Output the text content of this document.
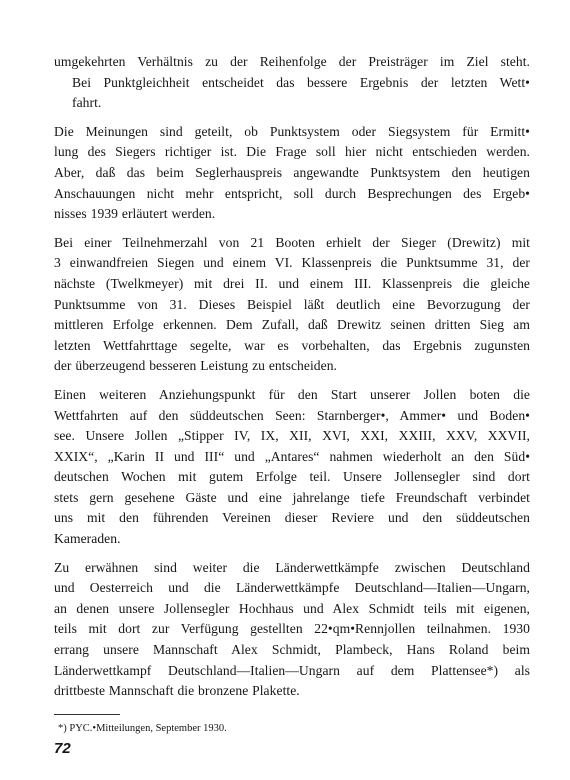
umgekehrten Verhältnis zu der Reihenfolge der Preisträger im Ziel steht.
Bei Punktgleichheit entscheidet das bessere Ergebnis der letzten Wett•
fahrt.

Die Meinungen sind geteilt, ob Punktsystem oder Siegsystem für Ermitt•
lung des Siegers richtiger ist. Die Frage soll hier nicht entschieden werden.
Aber, daß das beim Seglerhauspreis angewandte Punktsystem den heutigen
Anschauungen nicht mehr entspricht, soll durch Besprechungen des Ergeb•
nisses 1939 erläutert werden.

Bei einer Teilnehmerzahl von 21 Booten erhielt der Sieger (Drewitz) mit
3 einwandfreien Siegen und einem VI. Klassenpreis die Punktsumme 31, der
nächste (Twelkmeyer) mit drei II. und einem III. Klassenpreis die gleiche
Punktsumme von 31. Dieses Beispiel läßt deutlich eine Bevorzugung der
mittleren Erfolge erkennen. Dem Zufall, daß Drewitz seinen dritten Sieg am
letzten Wettfahrttage segelte, war es vorbehalten, das Ergebnis zugunsten
der überzeugend besseren Leistung zu entscheiden.

Einen weiteren Anziehungspunkt für den Start unserer Jollen boten die
Wettfahrten auf den süddeutschen Seen: Starnberger•, Ammer• und Boden•
see. Unsere Jollen „Stipper IV, IX, XII, XVI, XXI, XXIII, XXV, XXVII,
XXIX“, „Karin II und III“ und „Antares“ nahmen wiederholt an den Süd•
deutschen Wochen mit gutem Erfolge teil. Unsere Jollensegler sind dort
stets gern gesehene Gäste und eine jahrelange tiefe Freundschaft verbindet
uns mit den führenden Vereinen dieser Reviere und den süddeutschen
Kameraden.

Zu erwähnen sind weiter die Länderwettkämpfe zwischen Deutschland
und Oesterreich und die Länderwettkämpfe Deutschland—Italien—Ungarn,
an denen unsere Jollensegler Hochhaus und Alex Schmidt teils mit eigenen,
teils mit dort zur Verfügung gestellten 22•qm•Rennjollen teilnahmen. 1930
errang unsere Mannschaft Alex Schmidt, Plambeck, Hans Roland beim
Länderwettkampf Deutschland—Italien—Ungarn auf dem Plattensee*) als
drittbeste Mannschaft die bronzene Plakette.

*) PYC.•Mitteilungen, September 1930.
72
